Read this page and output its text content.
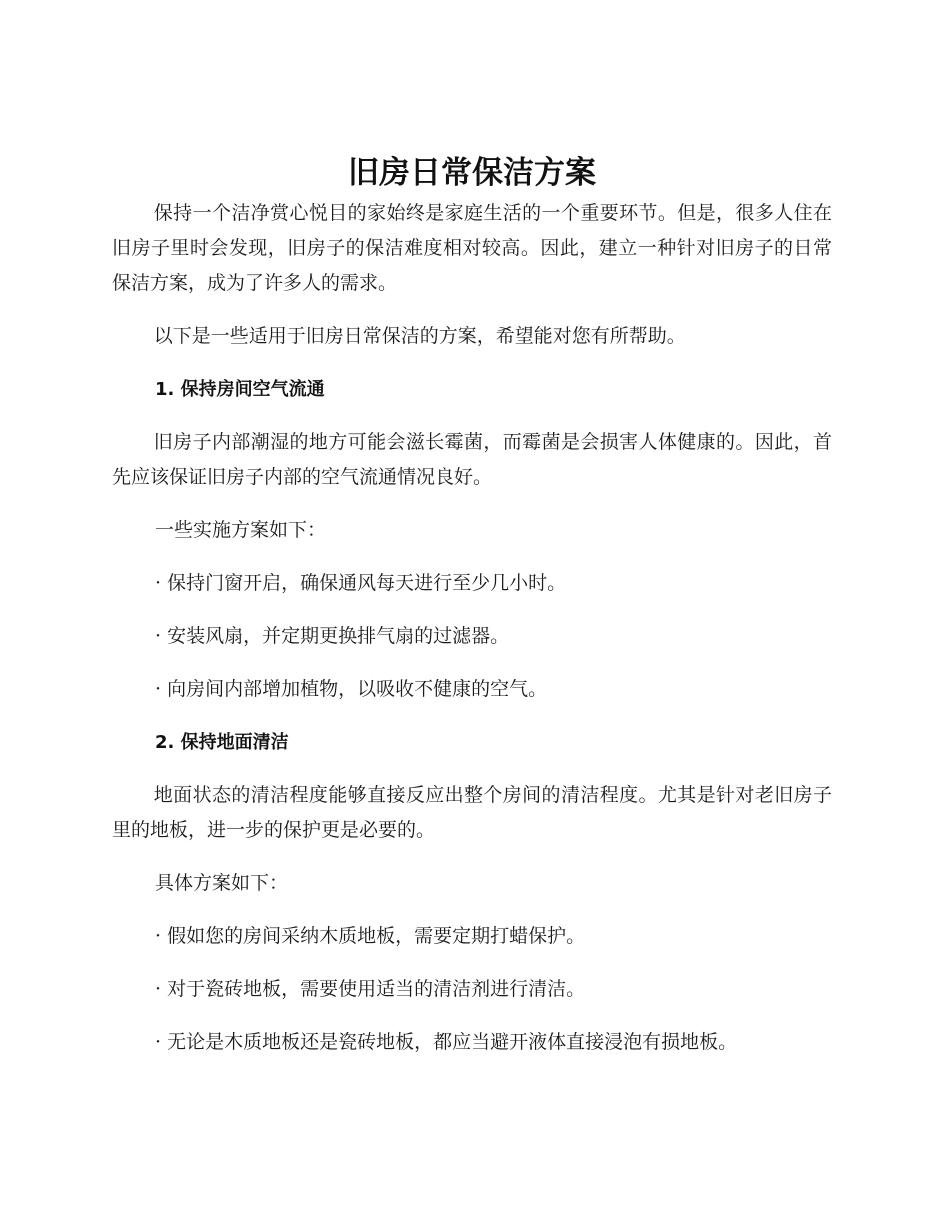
旧房日常保洁方案

保持一个洁净赏心悦目的家始终是家庭生活的一个重要环节。但是，很多人住在旧房子里时会发现，旧房子的保洁难度相对较高。因此，建立一种针对旧房子的日常保洁方案，成为了许多人的需求。

以下是一些适用于旧房日常保洁的方案，希望能对您有所帮助。

1. 保持房间空气流通

旧房子内部潮湿的地方可能会滋长霉菌，而霉菌是会损害人体健康的。因此，首先应该保证旧房子内部的空气流通情况良好。

一些实施方案如下：

· 保持门窗开启，确保通风每天进行至少几小时。

· 安装风扇，并定期更换排气扇的过滤器。

· 向房间内部增加植物，以吸收不健康的空气。

2. 保持地面清洁

地面状态的清洁程度能够直接反应出整个房间的清洁程度。尤其是针对老旧房子里的地板，进一步的保护更是必要的。

具体方案如下：

· 假如您的房间采纳木质地板，需要定期打蜡保护。

· 对于瓷砖地板，需要使用适当的清洁剂进行清洁。

· 无论是木质地板还是瓷砖地板，都应当避开液体直接浸泡有损地板。
